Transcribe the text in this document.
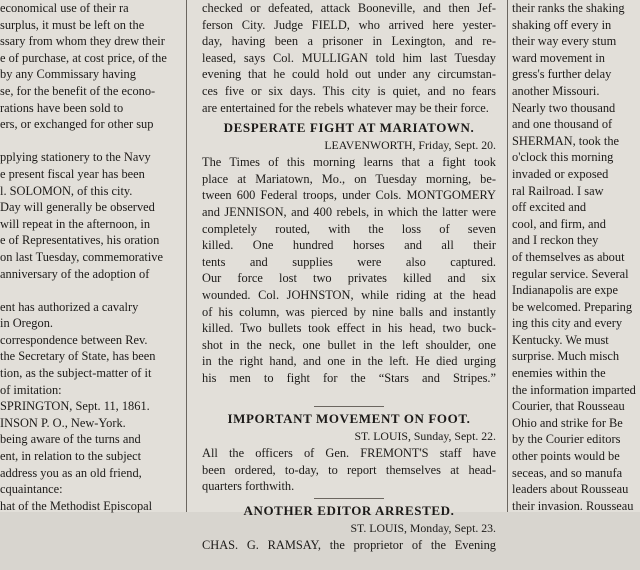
economical use of their ra
surplus, it must be left on the
ssary from whom they drew their
e of purchase, at cost price, of the
by any Commissary having
se, for the benefit of the econo-
rations have been sold to
ers, or exchanged for other sup
pplying stationery to the Navy
e present fiscal year has been
l. SOLOMON, of this city.
Day will generally be observed
will repeat in the afternoon, in
e of Representatives, his oration
on last Tuesday, commemorative
anniversary of the adoption of
ent has authorized a cavalry
in Oregon.
correspondence between Rev.
the Secretary of State, has been
tion, as the subject-matter of it
of imitation:
SPRINGTON, Sept. 11, 1861.
INSON P. O., New-York.
being aware of the turns and
ent, in relation to the subject
address you as an old friend,
cquaintance:
hat of the Methodist Episcopal
checked or defeated, attack Booneville, and then Jef-
ferson City. Judge FIELD, who arrived here yester-
day, having been a prisoner in Lexington, and re-
leased, says Col. MULLIGAN told him last Tuesday
evening that he could hold out under any circumstan-
ces five or six days. This city is quiet, and no fears
are entertained for the rebels whatever may be their force.
DESPERATE FIGHT AT MARIATOWN.
LEAVENWORTH, Friday, Sept. 20.
The Times of this morning learns that a fight took
place at Mariatown, Mo., on Tuesday morning, be-
tween 600 Federal troops, under Cols. MONTGOMERY
and JENNISON, and 400 rebels, in which the latter were
completely routed, with the loss of seven
killed. One hundred horses and all their
tents and supplies were also captured.
Our force lost two privates killed and six
wounded. Col. JOHNSTON, while riding at the head
of his column, was pierced by nine balls and instantly
killed. Two bullets took effect in his head, two buck-
shot in the neck, one bullet in the left shoulder, one
in the right hand, and one in the left. He died urging
his men to fight for the “Stars and Stripes.”
IMPORTANT MOVEMENT ON FOOT.
ST. LOUIS, Sunday, Sept. 22.
All the officers of Gen. FREMONT'S staff have
been ordered, to-day, to report themselves at head-
quarters forthwith.
ANOTHER EDITOR ARRESTED.
ST. LOUIS, Monday, Sept. 23.
CHAS. G. RAMSAY, the proprietor of the Evening
their ranks the shaking
shaking off every in
their way every stum
ward movement in
gress's further delay
another Missouri.
Nearly two thousand
and one thousand of
SHERMAN, took the
o'clock this morning
invaded or exposed
ral Railroad. I saw
off excited and
cool, and firm, and
and I reckon they
of themselves as about
regular service. Several
Indianapolis are expe
be welcomed. Preparing
ing this city and every
Kentucky. We must
surprise. Much misch
enemies within the
the information imparted
Courier, that Rousseau
Ohio and strike for Be
by the Courier editors
other points would be
seceas, and so manufa
leaders about Rousseau
their invasion. Rousseau
